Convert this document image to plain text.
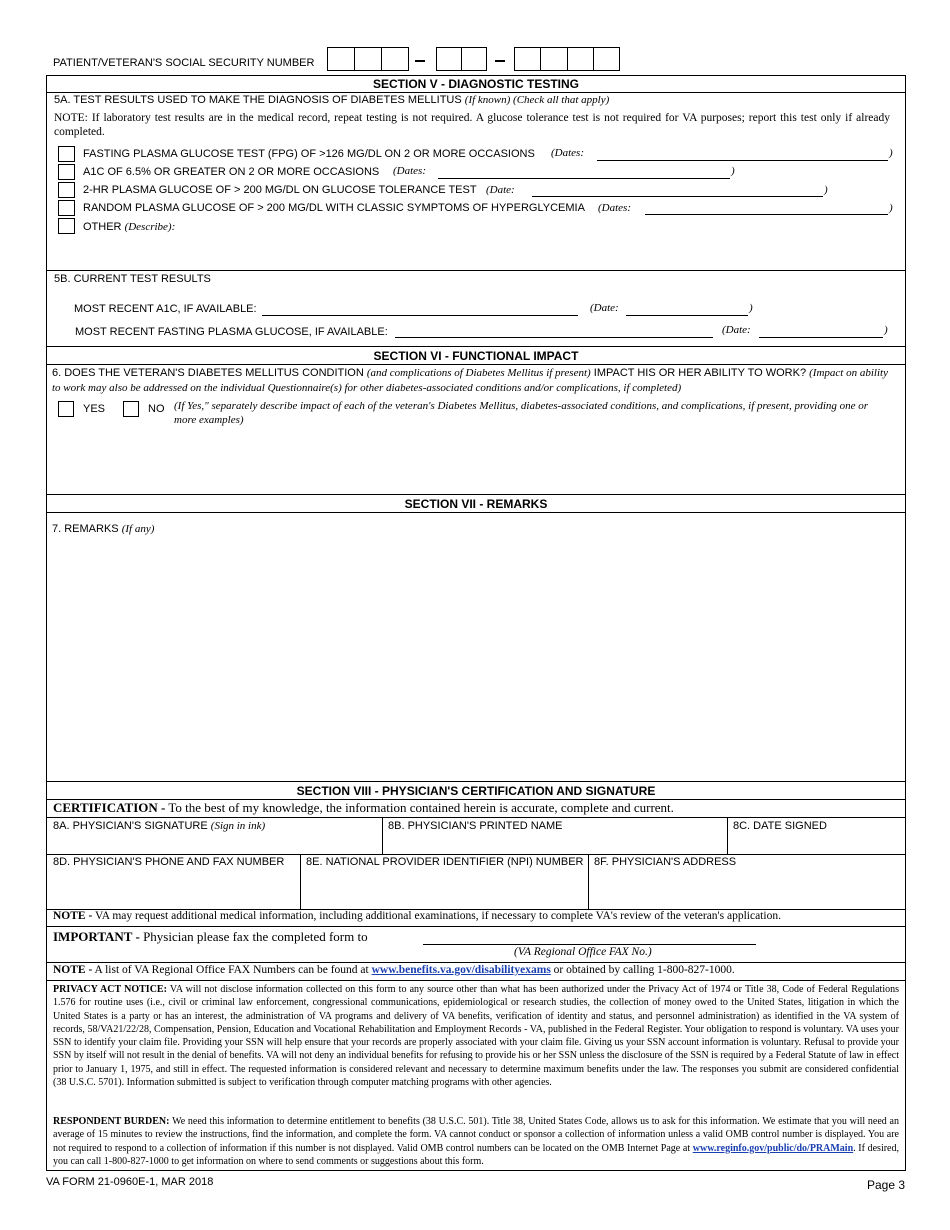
PATIENT/VETERAN'S SOCIAL SECURITY NUMBER
SECTION V - DIAGNOSTIC TESTING
5A. TEST RESULTS USED TO MAKE THE DIAGNOSIS OF DIABETES MELLITUS (If known) (Check all that apply)
NOTE: If laboratory test results are in the medical record, repeat testing is not required. A glucose tolerance test is not required for VA purposes; report this test only if already completed.
FASTING PLASMA GLUCOSE TEST (FPG) OF >126 MG/DL ON 2 OR MORE OCCASIONS (Dates:	)
A1C OF 6.5% OR GREATER ON 2 OR MORE OCCASIONS (Dates:	)
2-HR PLASMA GLUCOSE OF > 200 MG/DL ON GLUCOSE TOLERANCE TEST (Date:	)
RANDOM PLASMA GLUCOSE OF > 200 MG/DL WITH CLASSIC SYMPTOMS OF HYPERGLYCEMIA (Dates:	)
OTHER (Describe):
5B. CURRENT TEST RESULTS
MOST RECENT A1C, IF AVAILABLE:	(Date:	)
MOST RECENT FASTING PLASMA GLUCOSE, IF AVAILABLE:	(Date:	)
SECTION VI - FUNCTIONAL IMPACT
6. DOES THE VETERAN'S DIABETES MELLITUS CONDITION (and complications of Diabetes Mellitus if present) IMPACT HIS OR HER ABILITY TO WORK? (Impact on ability to work may also be addressed on the individual Questionnaire(s) for other diabetes-associated conditions and/or complications, if completed)
YES	NO (If Yes," separately describe impact of each of the veteran's Diabetes Mellitus, diabetes-associated conditions, and complications, if present, providing one or more examples)
SECTION VII - REMARKS
7. REMARKS (If any)
SECTION VIII - PHYSICIAN'S CERTIFICATION AND SIGNATURE
CERTIFICATION - To the best of my knowledge, the information contained herein is accurate, complete and current.
8A. PHYSICIAN'S SIGNATURE (Sign in ink)	8B. PHYSICIAN'S PRINTED NAME	8C. DATE SIGNED
8D. PHYSICIAN'S PHONE AND FAX NUMBER 8E. NATIONAL PROVIDER IDENTIFIER (NPI) NUMBER 8F. PHYSICIAN'S ADDRESS
NOTE - VA may request additional medical information, including additional examinations, if necessary to complete VA's review of the veteran's application.
IMPORTANT - Physician please fax the completed form to
(VA Regional Office FAX No.)
NOTE - A list of VA Regional Office FAX Numbers can be found at www.benefits.va.gov/disabilityexams or obtained by calling 1-800-827-1000.
PRIVACY ACT NOTICE: VA will not disclose information collected on this form to any source other than what has been authorized under the Privacy Act of 1974 or Title 38, Code of Federal Regulations 1.576 for routine uses (i.e., civil or criminal law enforcement, congressional communications, epidemiological or research studies, the collection of money owed to the United States, litigation in which the United States is a party or has an interest, the administration of VA programs and delivery of VA benefits, verification of identity and status, and personnel administration) as identified in the VA system of records, 58/VA21/22/28, Compensation, Pension, Education and Vocational Rehabilitation and Employment Records - VA, published in the Federal Register. Your obligation to respond is voluntary. VA uses your SSN to identify your claim file. Providing your SSN will help ensure that your records are properly associated with your claim file. Giving us your SSN account information is voluntary. Refusal to provide your SSN by itself will not result in the denial of benefits. VA will not deny an individual benefits for refusing to provide his or her SSN unless the disclosure of the SSN is required by a Federal Statute of law in effect prior to January 1, 1975, and still in effect. The requested information is considered relevant and necessary to determine maximum benefits under the law. The responses you submit are considered confidential (38 U.S.C. 5701). Information submitted is subject to verification through computer matching programs with other agencies.
RESPONDENT BURDEN: We need this information to determine entitlement to benefits (38 U.S.C. 501). Title 38, United States Code, allows us to ask for this information. We estimate that you will need an average of 15 minutes to review the instructions, find the information, and complete the form. VA cannot conduct or sponsor a collection of information unless a valid OMB control number is displayed. You are not required to respond to a collection of information if this number is not displayed. Valid OMB control numbers can be located on the OMB Internet Page at www.reginfo.gov/public/do/PRAMain. If desired, you can call 1-800-827-1000 to get information on where to send comments or suggestions about this form.
VA FORM 21-0960E-1, MAR 2018	Page 3
